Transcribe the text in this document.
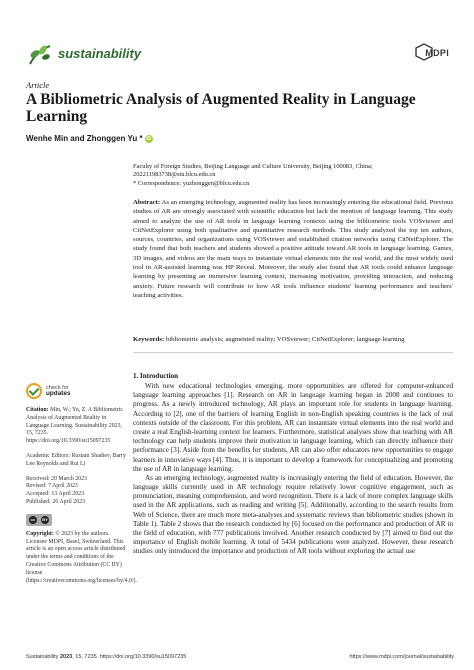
sustainability	MDPI
Article
A Bibliometric Analysis of Augmented Reality in Language Learning
Wenhe Min and Zhonggen Yu * iD
Faculty of Foreign Studies, Beijing Language and Culture University, Beijing 100083, China; 202211983738@stu.blcu.edu.cn
* Correspondence: yuzhonggen@blcu.edu.cn
Abstract: As an emerging technology, augmented reality has been increasingly entering the educational field. Previous studies of AR are strongly associated with scientific education but lack the mention of language learning. This study aimed to analyze the use of AR tools in language learning contexts using the bibliometric tools VOSviewer and CitNetExplorer using both qualitative and quantitative research methods. This study analyzed the top ten authors, sources, countries, and organizations using VOSviewer and established citation networks using CitNetExplorer. The study found that both teachers and students showed a positive attitude toward AR tools in language learning. Games, 3D images, and videos are the main ways to instantiate virtual elements into the real world, and the most widely used tool in AR-assisted learning was HP Reveal. Moreover, the study also found that AR tools could enhance language learning by presenting an immersive learning context, increasing motivation, providing interaction, and reducing anxiety. Future research will contribute to how AR tools influence students' learning performance and teachers' teaching activities.
Keywords: bibliometric analysis; augmented reality; VOSviewer; CitNetExplorer; language learning
check for
updates
Citation: Min, W.; Yu, Z. A Bibliometric Analysis of Augmented Reality in Language Learning. Sustainability 2023, 15, 7235. https://doi.org/10.3390/su15097235
Academic Editors: Rustam Shadiev, Barry Lee Reynolds and Rui Li
Received: 20 March 2023
Revised: 7 April 2023
Accepted: 13 April 2023
Published: 26 April 2023
cc	BY
Copyright: © 2023 by the authors. Licensee MDPI, Basel, Switzerland. This article is an open access article distributed under the terms and conditions of the Creative Commons Attribution (CC BY) license (https://creativecommons.org/licenses/by/4.0/).
1. Introduction

With new educational technologies emerging, more opportunities are offered for computer-enhanced language learning approaches [1]. Research on AR in language learning began in 2008 and continues to progress. As a newly introduced technology, AR plays an important role for students in language learning. According to [2], one of the barriers of learning English in non-English speaking countries is the lack of real contexts outside of the classroom. For this problem, AR can instantiate virtual elements into the real world and create a real English-learning context for learners. Furthermore, statistical analyses show that teaching with AR technology can help students improve their motivation in language learning, which can directly influence their performance [3]. Aside from the benefits for students, AR can also offer educators new opportunities to engage learners in innovative ways [4]. Thus, it is important to develop a framework for conceptualizing and promoting the use of AR in language learning.

As an emerging technology, augmented reality is increasingly entering the field of education. However, the language skills currently used in AR technology require relatively lower cognitive engagement, such as pronunciation, meaning comprehension, and word recognition. There is a lack of more complex language skills used in the AR applications, such as reading and writing [5]. Additionally, according to the search results from Web of Science, there are much more meta-analyses and systematic reviews than bibliometric studies (shown in Table 1). Table 2 shows that the research conducted by [6] focused on the performance and production of AR in the field of education, with 777 publications involved. Another research conducted by [7] aimed to find out the importance of English mobile learning. A total of 5434 publications were analyzed. However, these research studies only introduced the importance and production of AR tools without exploring the actual use

Sustainability 2023, 15, 7235. https://doi.org/10.3390/su15097235	https://www.mdpi.com/journal/sustainability
